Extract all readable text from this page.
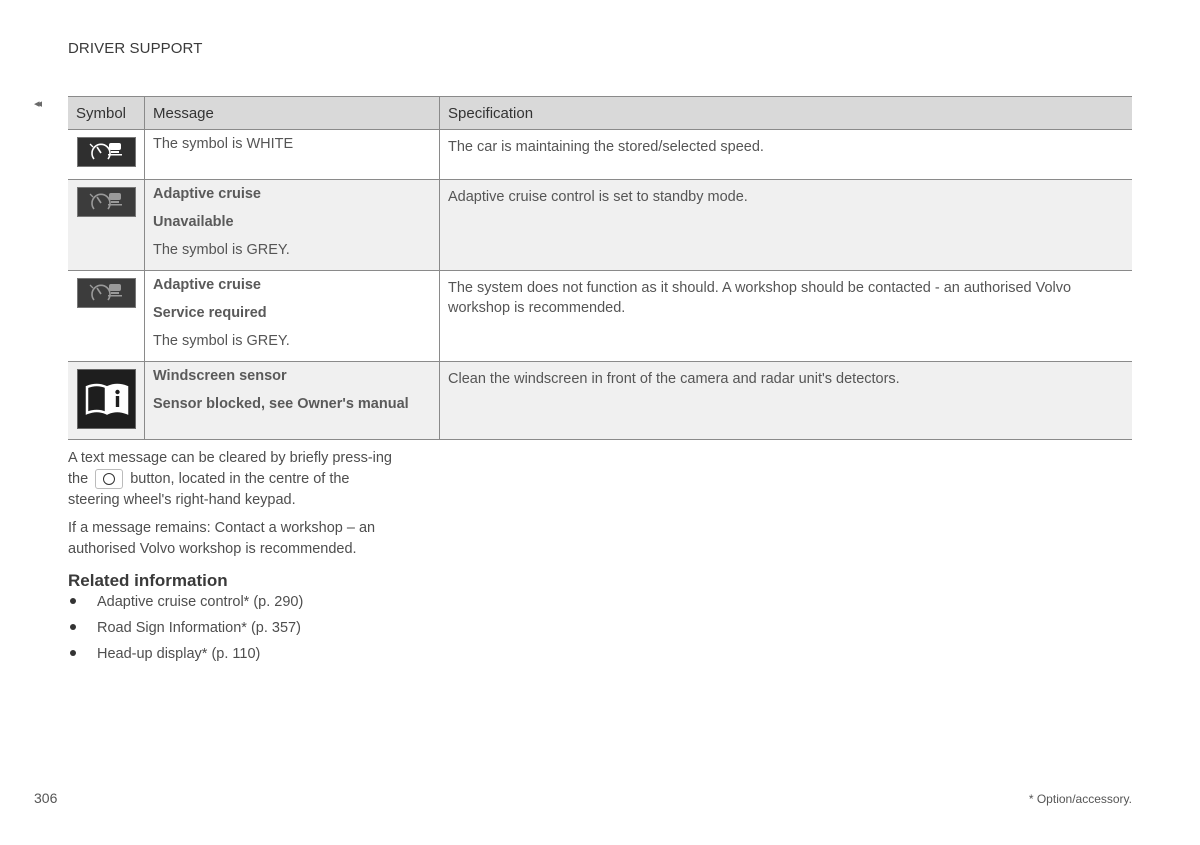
DRIVER SUPPORT
◂◂
Symbol	Message	Specification

The symbol is WHITE	The car is maintaining the stored/selected speed.

Adaptive cruise
Unavailable
The symbol is GREY.	Adaptive cruise control is set to standby mode.

Adaptive cruise
Service required
The symbol is GREY.	The system does not function as it should. A workshop should be contacted - an authorised Volvo workshop is recommended.

Windscreen sensor
Sensor blocked, see Owner's manual	Clean the windscreen in front of the camera and radar unit's detectors.
A text message can be cleared by briefly press-ing the	button, located in the centre of the steering wheel's right-hand keypad.
If a message remains: Contact a workshop – an authorised Volvo workshop is recommended.
Related information
Adaptive cruise control* (p. 290)
Road Sign Information* (p. 357)
Head-up display* (p. 110)
306	* Option/accessory.
